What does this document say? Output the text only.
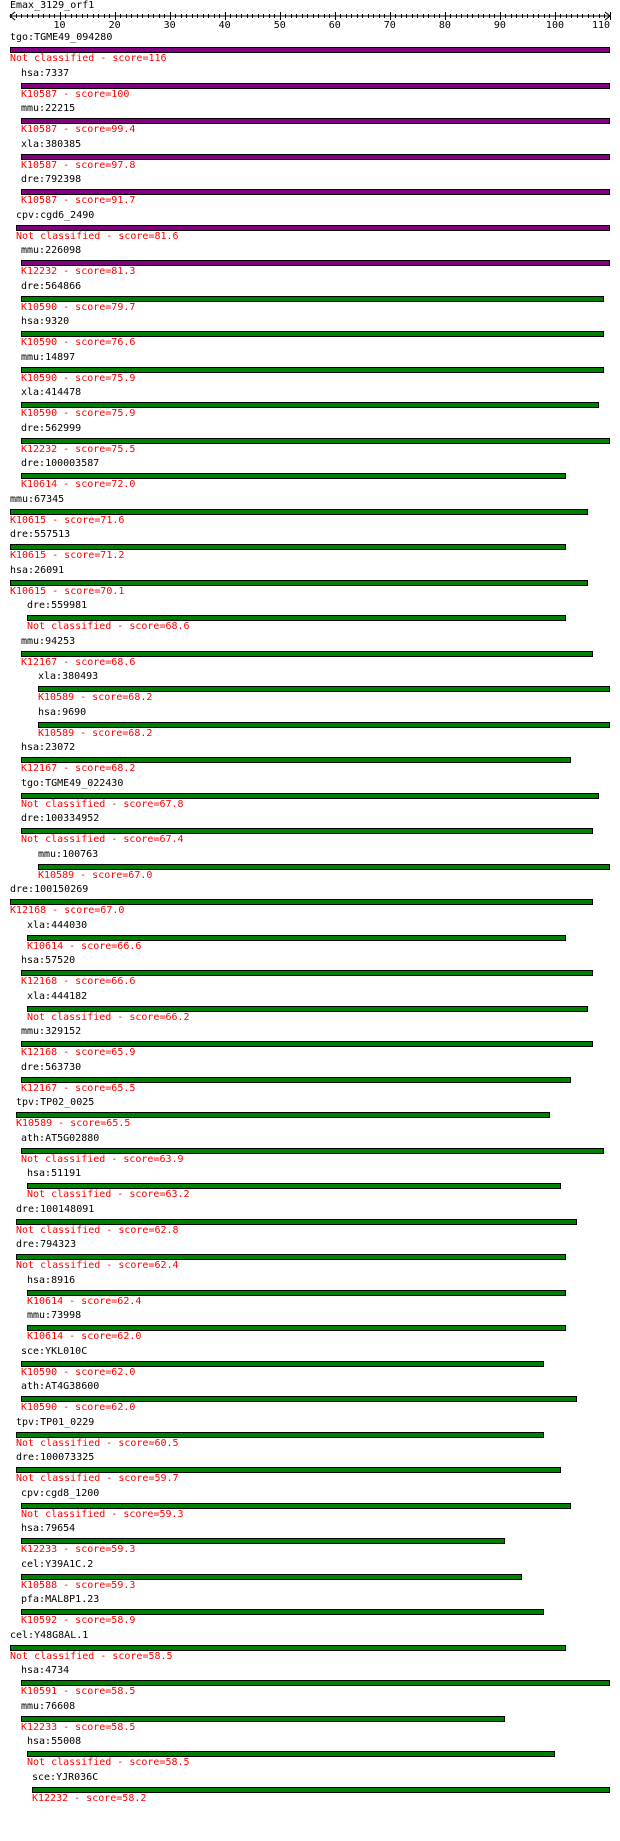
Emax_3129_orf1
10	20	30	40	50	60	70	80	90	100	110
tgo:TGME49_094280
Not classified - score=116
hsa:7337
K10587 - score=100
mmu:22215
K10587 - score=99.4
xla:380385
K10587 - score=97.8
dre:792398
K10587 - score=91.7
cpv:cgd6_2490
Not classified - score=81.6
mmu:226098
K12232 - score=81.3
dre:564866
K10590 - score=79.7
hsa:9320
K10590 - score=76.6
mmu:14897
K10590 - score=75.9
xla:414478
K10590 - score=75.9
dre:562999
K12232 - score=75.5
dre:100003587
K10614 - score=72.0
mmu:67345
K10615 - score=71.6
dre:557513
K10615 - score=71.2
hsa:26091
K10615 - score=70.1
dre:559981
Not classified - score=68.6
mmu:94253
K12167 - score=68.6
xla:380493
K10589 - score=68.2
hsa:9690
K10589 - score=68.2
hsa:23072
K12167 - score=68.2
tgo:TGME49_022430
Not classified - score=67.8
dre:100334952
Not classified - score=67.4
mmu:100763
K10589 - score=67.0
dre:100150269
K12168 - score=67.0
xla:444030
K10614 - score=66.6
hsa:57520
K12168 - score=66.6
xla:444182
Not classified - score=66.2
mmu:329152
K12168 - score=65.9
dre:563730
K12167 - score=65.5
tpv:TP02_0025
K10589 - score=65.5
ath:AT5G02880
Not classified - score=63.9
hsa:51191
Not classified - score=63.2
dre:100148091
Not classified - score=62.8
dre:794323
Not classified - score=62.4
hsa:8916
K10614 - score=62.4
mmu:73998
K10614 - score=62.0
sce:YKL010C
K10590 - score=62.0
ath:AT4G38600
K10590 - score=62.0
tpv:TP01_0229
Not classified - score=60.5
dre:100073325
Not classified - score=59.7
cpv:cgd8_1200
Not classified - score=59.3
hsa:79654
K12233 - score=59.3
cel:Y39A1C.2
K10588 - score=59.3
pfa:MAL8P1.23
K10592 - score=58.9
cel:Y48G8AL.1
Not classified - score=58.5
hsa:4734
K10591 - score=58.5
mmu:76608
K12233 - score=58.5
hsa:55008
Not classified - score=58.5
sce:YJR036C
K12232 - score=58.2
